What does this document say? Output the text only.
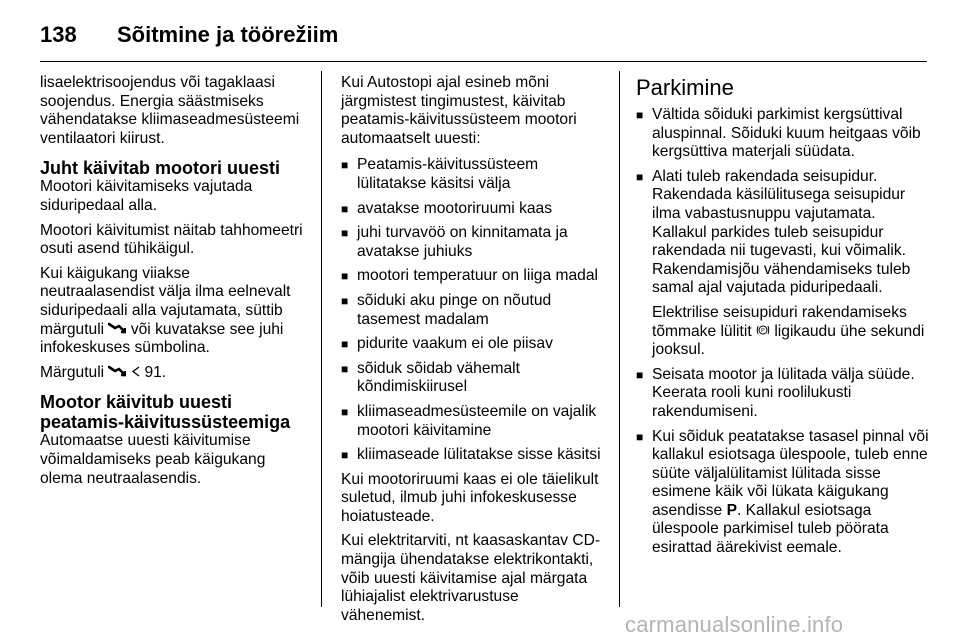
138 Sõitmine ja töörežiim

lisaelektrisoojendus või tagaklaasi soojendus. Energia säästmiseks vähendatakse kliimaseadmesüsteemi ventilaatori kiirust.

Juht käivitab mootori uuesti

Mootori käivitamiseks vajutada siduripedaal alla.

Mootori käivitumist näitab tahhomeetri osuti asend tühikäigul.

Kui käigukang viiakse neutraalasendist välja ilma eelnevalt siduripedaali alla vajutamata, süttib märgutuli või kuvatakse see juhi infokeskuses sümbolina.

Märgutuli	91.

Mootor käivitub uuesti peatamis-käivitussüsteemiga

Automaatse uuesti käivitumise võimaldamiseks peab käigukang olema neutraalasendis.

Kui Autostopi ajal esineb mõni järgmistest tingimustest, käivitab peatamis-käivitussüsteem mootori automaatselt uuesti:

■ Peatamis-käivitussüsteem lülitatakse käsitsi välja
■ avatakse mootoriruumi kaas
■ juhi turvavöö on kinnitamata ja avatakse juhiuks
■ mootori temperatuur on liiga madal
■ sõiduki aku pinge on nõutud tasemest madalam
■ pidurite vaakum ei ole piisav
■ sõiduk sõidab vähemalt kõndimiskiirusel
■ kliimaseadmesüsteemile on vajalik mootori käivitamine
■ kliimaseade lülitatakse sisse käsitsi

Kui mootoriruumi kaas ei ole täielikult suletud, ilmub juhi infokeskusesse hoiatusteade.

Kui elektritarviti, nt kaasaskantav CD-mängija ühendatakse elektrikontakti, võib uuesti käivitamise ajal märgata lühiajalist elektrivarustuse vähenemist.

Parkimine
■ Vältida sõiduki parkimist kergsüttival aluspinnal. Sõiduki kuum heitgaas võib kergsüttiva materjali süüdata.
■ Alati tuleb rakendada seisupidur. Rakendada käsilülitusega seisupidur ilma vabastusnuppu vajutamata. Kallakul parkides tuleb seisupidur rakendada nii tugevasti, kui võimalik. Rakendamisjõu vähendamiseks tuleb samal ajal vajutada piduripedaali.

Elektrilise seisupiduri rakendamiseks tõmmake lülitit P ligikaudu ühe sekundi jooksul.

■ Seisata mootor ja lülitada välja süüde. Keerata rooli kuni roolilukusti rakendumiseni.
■ Kui sõiduk peatatakse tasasel pinnal või kallakul esiotsaga ülespoole, tuleb enne süüte väljalülitamist lülitada sisse esimene käik või lükata käigukang asendisse P. Kallakul esiotsaga ülespoole parkimisel tuleb pöörata esirattad äärekivist eemale.
carmanualsonline.info
